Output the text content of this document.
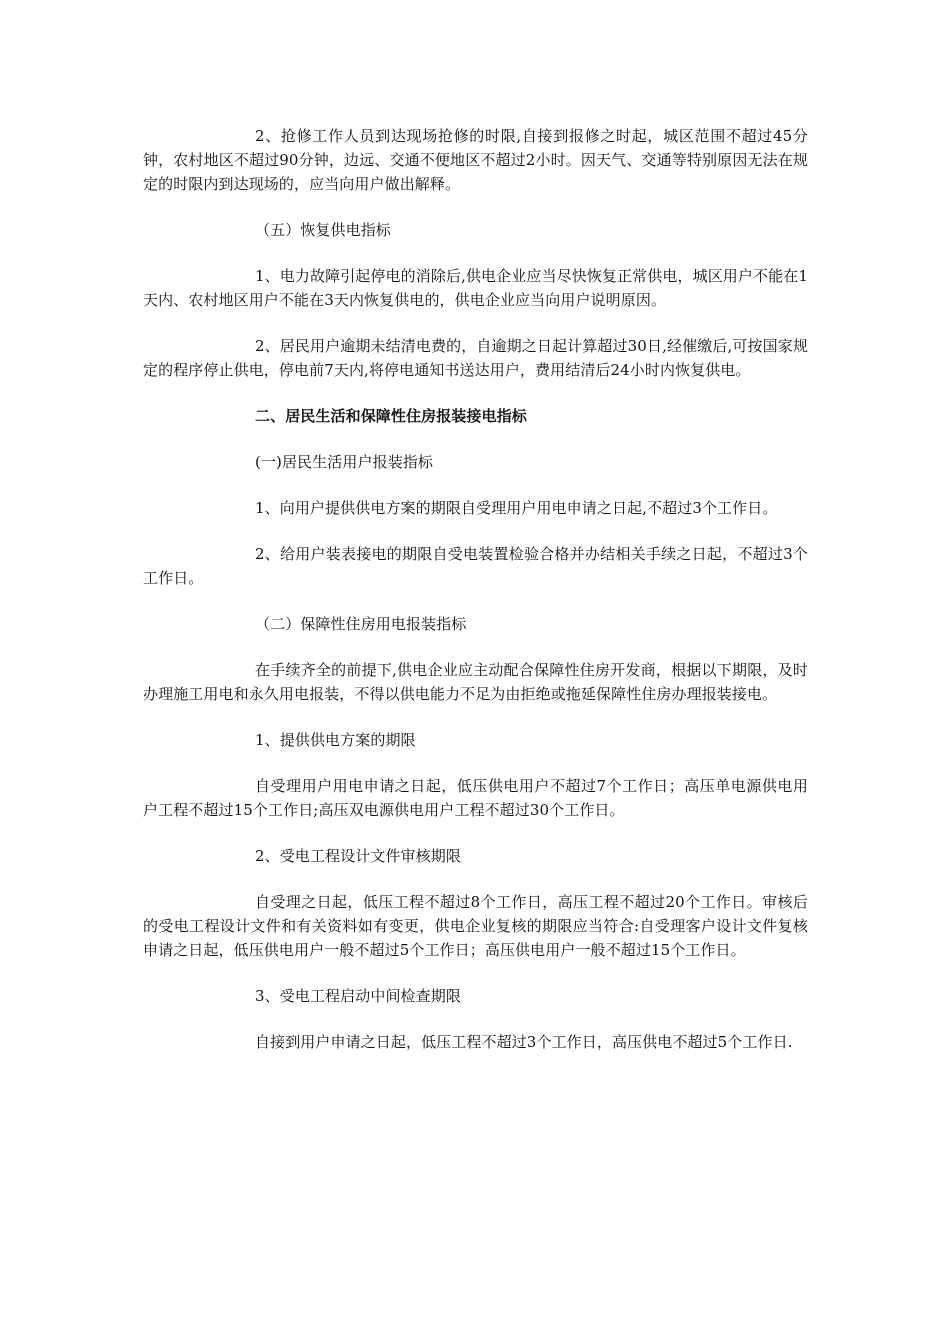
2、抢修工作人员到达现场抢修的时限,自接到报修之时起，城区范围不超过45分钟，农村地区不超过90分钟，边远、交通不便地区不超过2小时。因天气、交通等特别原因无法在规定的时限内到达现场的，应当向用户做出解释。

（五）恢复供电指标

1、电力故障引起停电的消除后,供电企业应当尽快恢复正常供电，城区用户不能在1天内、农村地区用户不能在3天内恢复供电的，供电企业应当向用户说明原因。

2、居民用户逾期未结清电费的，自逾期之日起计算超过30日,经催缴后,可按国家规定的程序停止供电，停电前7天内,将停电通知书送达用户，费用结清后24小时内恢复供电。

二、居民生活和保障性住房报装接电指标

(一)居民生活用户报装指标

1、向用户提供供电方案的期限自受理用户用电申请之日起,不超过3个工作日。

2、给用户装表接电的期限自受电装置检验合格并办结相关手续之日起，不超过3个工作日。

（二）保障性住房用电报装指标

在手续齐全的前提下,供电企业应主动配合保障性住房开发商，根据以下期限，及时办理施工用电和永久用电报装，不得以供电能力不足为由拒绝或拖延保障性住房办理报装接电。

1、提供供电方案的期限

自受理用户用电申请之日起，低压供电用户不超过7个工作日；高压单电源供电用户工程不超过15个工作日;高压双电源供电用户工程不超过30个工作日。

2、受电工程设计文件审核期限

自受理之日起，低压工程不超过8个工作日，高压工程不超过20个工作日。审核后的受电工程设计文件和有关资料如有变更，供电企业复核的期限应当符合:自受理客户设计文件复核申请之日起，低压供电用户一般不超过5个工作日；高压供电用户一般不超过15个工作日。

3、受电工程启动中间检查期限

自接到用户申请之日起，低压工程不超过3个工作日，高压供电不超过5个工作日.
